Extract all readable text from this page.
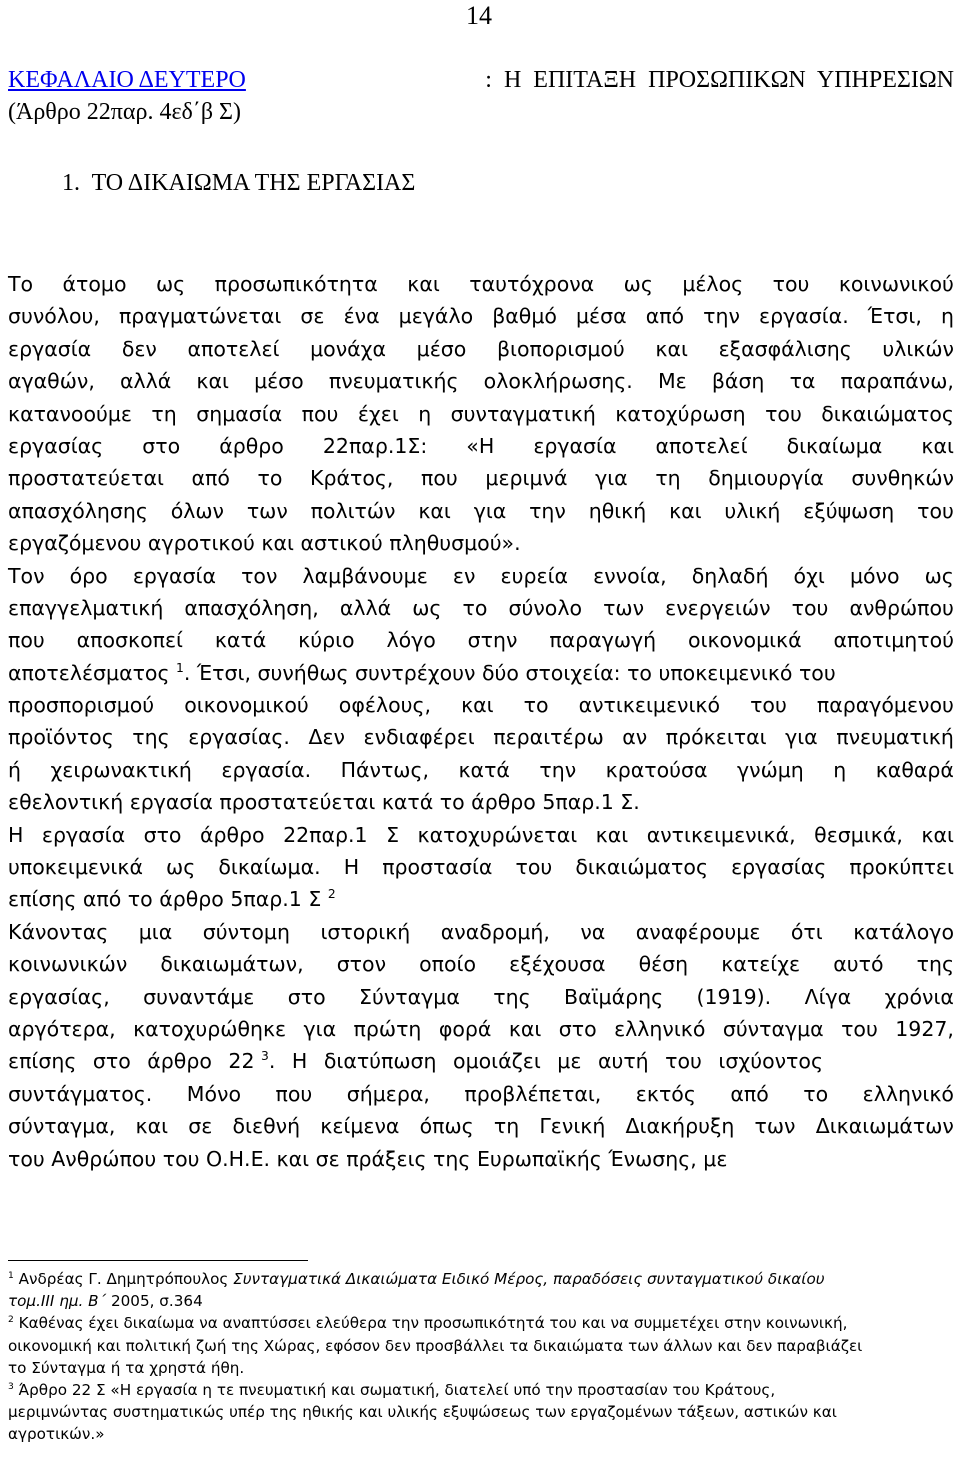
14
ΚΕΦΑΛΑΙΟ ΔΕΥΤΕΡΟ	: Η ΕΠΙΤΑΞΗ ΠΡΟΣΩΠΙΚΩΝ ΥΠΗΡΕΣΙΩΝ
(Άρθρο 22παρ. 4εδ΄β Σ)
1.  ΤΟ ΔΙΚΑΙΩΜΑ ΤΗΣ ΕΡΓΑΣΙΑΣ
Το άτομο ως προσωπικότητα και ταυτόχρονα ως μέλος του κοινωνικού
συνόλου, πραγματώνεται σε ένα μεγάλο βαθμό μέσα από την εργασία. Έτσι, η
εργασία δεν αποτελεί μονάχα μέσο βιοπορισμού και εξασφάλισης υλικών
αγαθών, αλλά και μέσο πνευματικής ολοκλήρωσης. Με βάση τα παραπάνω,
κατανοούμε τη σημασία που έχει η συνταγματική κατοχύρωση του δικαιώματος
εργασίας στο άρθρο 22παρ.1Σ: «Η εργασία αποτελεί δικαίωμα και
προστατεύεται από το Κράτος, που μεριμνά για τη δημιουργία συνθηκών
απασχόλησης όλων των πολιτών και για την ηθική και υλική εξύψωση του
εργαζόμενου αγροτικού και αστικού πληθυσμού».
Τον όρο εργασία τον λαμβάνουμε εν ευρεία εννοία, δηλαδή όχι μόνο ως
επαγγελματική απασχόληση, αλλά ως το σύνολο των ενεργειών του ανθρώπου
που αποσκοπεί κατά κύριο λόγο στην παραγωγή οικονομικά αποτιμητού
αποτελέσματος $^1$. Έτσι, συνήθως συντρέχουν δύο στοιχεία: το υποκειμενικό του
προσπορισμού οικονομικού οφέλους, και το αντικειμενικό του παραγόμενου
προϊόντος της εργασίας. Δεν ενδιαφέρει περαιτέρω αν πρόκειται για πνευματική
ή χειρωνακτική εργασία. Πάντως, κατά την κρατούσα γνώμη η καθαρά
εθελοντική εργασία προστατεύεται κατά το άρθρο 5παρ.1 Σ.
Η εργασία στο άρθρο 22παρ.1 Σ κατοχυρώνεται και αντικειμενικά, θεσμικά, και
υποκειμενικά ως δικαίωμα. Η προστασία του δικαιώματος εργασίας προκύπτει
επίσης από το άρθρο 5παρ.1 Σ $^2$
Κάνοντας μια σύντομη ιστορική αναδρομή, να αναφέρουμε ότι κατάλογο
κοινωνικών δικαιωμάτων, στον οποίο εξέχουσα θέση κατείχε αυτό της
εργασίας, συναντάμε στο Σύνταγμα της Βαϊμάρης (1919). Λίγα χρόνια
αργότερα, κατοχυρώθηκε για πρώτη φορά και στο ελληνικό σύνταγμα του 1927,
επίσης στο άρθρο 22 $^3$. Η διατύπωση ομοιάζει με αυτή του ισχύοντος
συντάγματος. Μόνο που σήμερα, προβλέπεται, εκτός από το ελληνικό
σύνταγμα, και σε διεθνή κείμενα όπως τη Γενική Διακήρυξη των Δικαιωμάτων
του Ανθρώπου του Ο.Η.Ε. και σε πράξεις της Ευρωπαϊκής Ένωσης, με
$^1$ Ανδρέας Γ. Δημητρόπουλος Συνταγματικά Δικαιώματα Ειδικό Μέρος, παραδόσεις συνταγματικού δικαίου
τομ.ΙΙΙ ημ. Β΄ 2005, σ.364
$^2$ Καθένας έχει δικαίωμα να αναπτύσσει ελεύθερα την προσωπικότητά του και να συμμετέχει στην κοινωνική,
οικονομική και πολιτική ζωή της Χώρας, εφόσον δεν προσβάλλει τα δικαιώματα των άλλων και δεν παραβιάζει
το Σύνταγμα ή τα χρηστά ήθη.
$^3$ Άρθρο 22 Σ «Η εργασία η τε πνευματική και σωματική, διατελεί υπό την προστασίαν του Κράτους,
μεριμνώντας συστηματικώς υπέρ της ηθικής και υλικής εξυψώσεως των εργαζομένων τάξεων, αστικών και
αγροτικών.»
